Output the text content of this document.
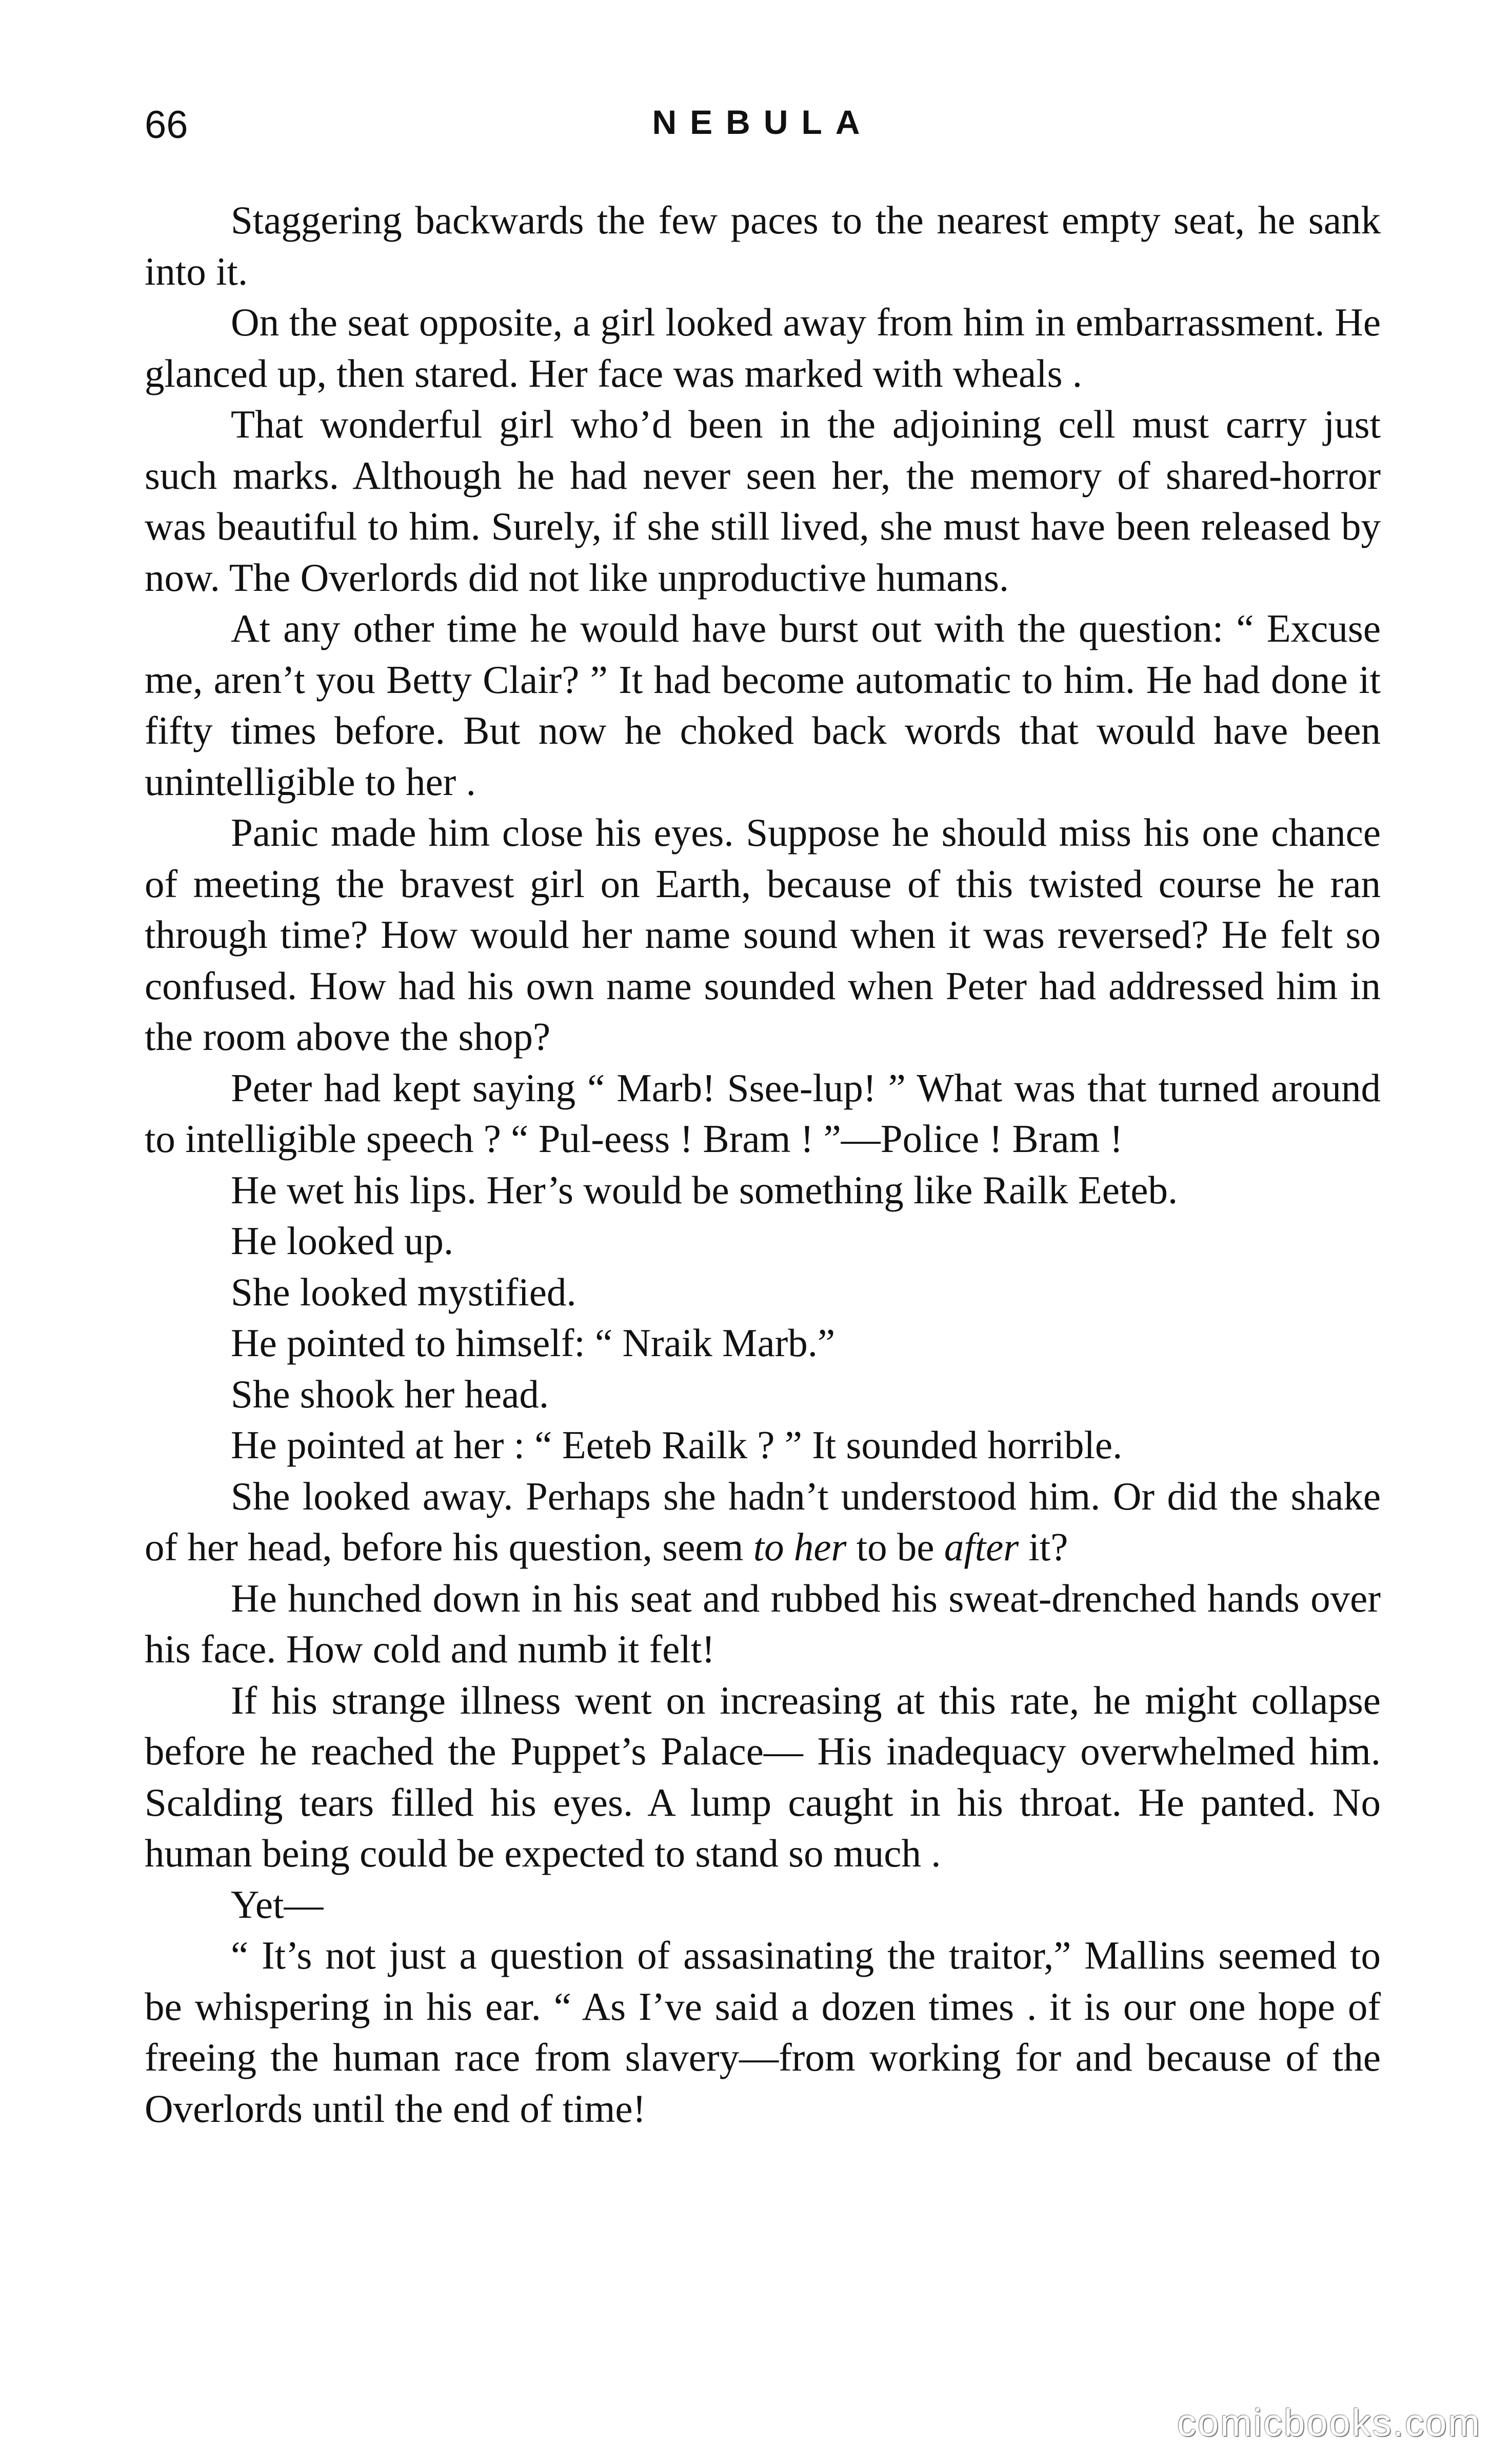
66	NEBULA

Staggering backwards the few paces to the nearest empty seat, he sank into it.

On the seat opposite, a girl looked away from him in embarrassment. He glanced up, then stared. Her face was marked with wheals .

That wonderful girl who’d been in the adjoining cell must carry just such marks. Although he had never seen her, the memory of shared-horror was beautiful to him. Surely, if she still lived, she must have been released by now. The Overlords did not like unproductive humans.

At any other time he would have burst out with the question: “ Excuse me, aren’t you Betty Clair? ” It had become automatic to him. He had done it fifty times before. But now he choked back words that would have been unintelligible to her .

Panic made him close his eyes. Suppose he should miss his one chance of meeting the bravest girl on Earth, because of this twisted course he ran through time? How would her name sound when it was reversed? He felt so confused. How had his own name sounded when Peter had addressed him in the room above the shop?

Peter had kept saying “ Marb! Ssee-lup! ” What was that turned around to intelligible speech ? “ Pul-eess ! Bram ! ”—Police ! Bram !

He wet his lips. Her’s would be something like Railk Eeteb.

He looked up.

She looked mystified.

He pointed to himself: “ Nraik Marb.”

She shook her head.

He pointed at her : “ Eeteb Railk ? ” It sounded horrible.

She looked away. Perhaps she hadn’t understood him. Or did the shake of her head, before his question, seem to her to be after it?

He hunched down in his seat and rubbed his sweat-drenched hands over his face. How cold and numb it felt!

If his strange illness went on increasing at this rate, he might collapse before he reached the Puppet’s Palace— His inadequacy overwhelmed him. Scalding tears filled his eyes. A lump caught in his throat. He panted. No human being could be expected to stand so much .

Yet—

“ It’s not just a question of assasinating the traitor,” Mallins seemed to be whispering in his ear. “ As I’ve said a dozen times . it is our one hope of freeing the human race from slavery—from working for and because of the Overlords until the end of time!

comicbooks.com
